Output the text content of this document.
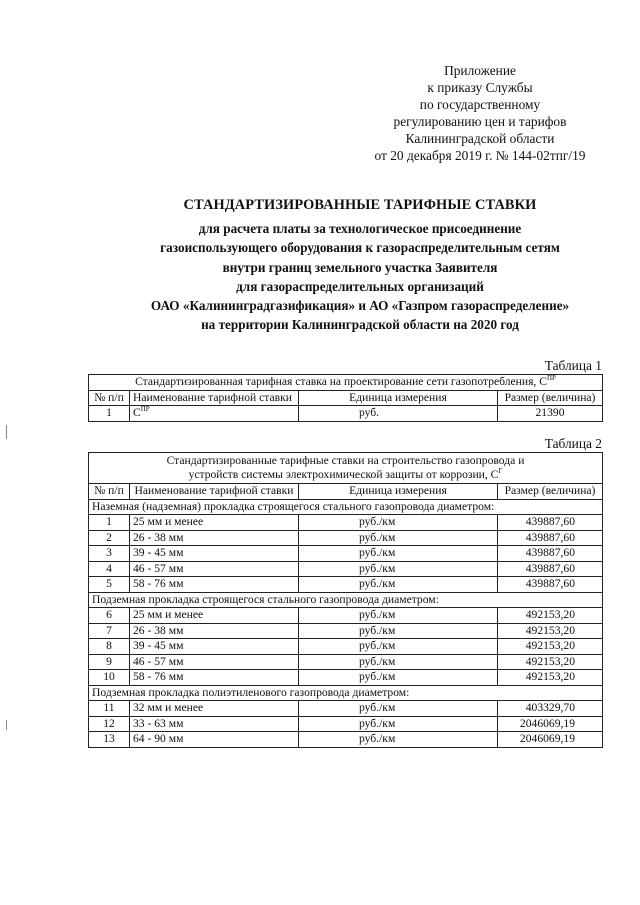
Приложение
к приказу Службы
по государственному
регулированию цен и тарифов
Калининградской области
от 20 декабря 2019 г. № 144-02тпг/19
СТАНДАРТИЗИРОВАННЫЕ ТАРИФНЫЕ СТАВКИ
для расчета платы за технологическое присоединение
газоиспользующего оборудования к газораспределительным сетям
внутри границ земельного участка Заявителя
для газораспределительных организаций
ОАО «Калининградгазификация» и АО «Газпром газораспределение»
на территории Калининградской области на 2020 год
Таблица 1
Стандартизированная тарифная ставка на проектирование сети газопотребления, $С^{ПР}$
№ п/п	Наименование тарифной ставки	Единица измерения	Размер (величина)
1	$С^{ПР}$	руб.	21390
Таблица 2
Стандартизированные тарифные ставки на строительство газопровода и
устройств системы электрохимической защиты от коррозии, $С^Г$

№ п/п	Наименование тарифной ставки	Единица измерения	Размер (величина)
Наземная (надземная) прокладка строящегося стального газопровода диаметром:			
1	25 мм и менее	руб./км	439887,60
2	26 - 38 мм	руб./км	439887,60
3	39 - 45 мм	руб./км	439887,60
4	46 - 57 мм	руб./км	439887,60
5	58 - 76 мм	руб./км	439887,60
Подземная прокладка строящегося стального газопровода диаметром:			
6	25 мм и менее	руб./км	492153,20
7	26 - 38 мм	руб./км	492153,20
8	39 - 45 мм	руб./км	492153,20
9	46 - 57 мм	руб./км	492153,20
10	58 - 76 мм	руб./км	492153,20
Подземная прокладка полиэтиленового газопровода диаметром:			
11	32 мм и менее	руб./км	403329,70
12	33 - 63 мм	руб./км	2046069,19
13	64 - 90 мм	руб./км	2046069,19
